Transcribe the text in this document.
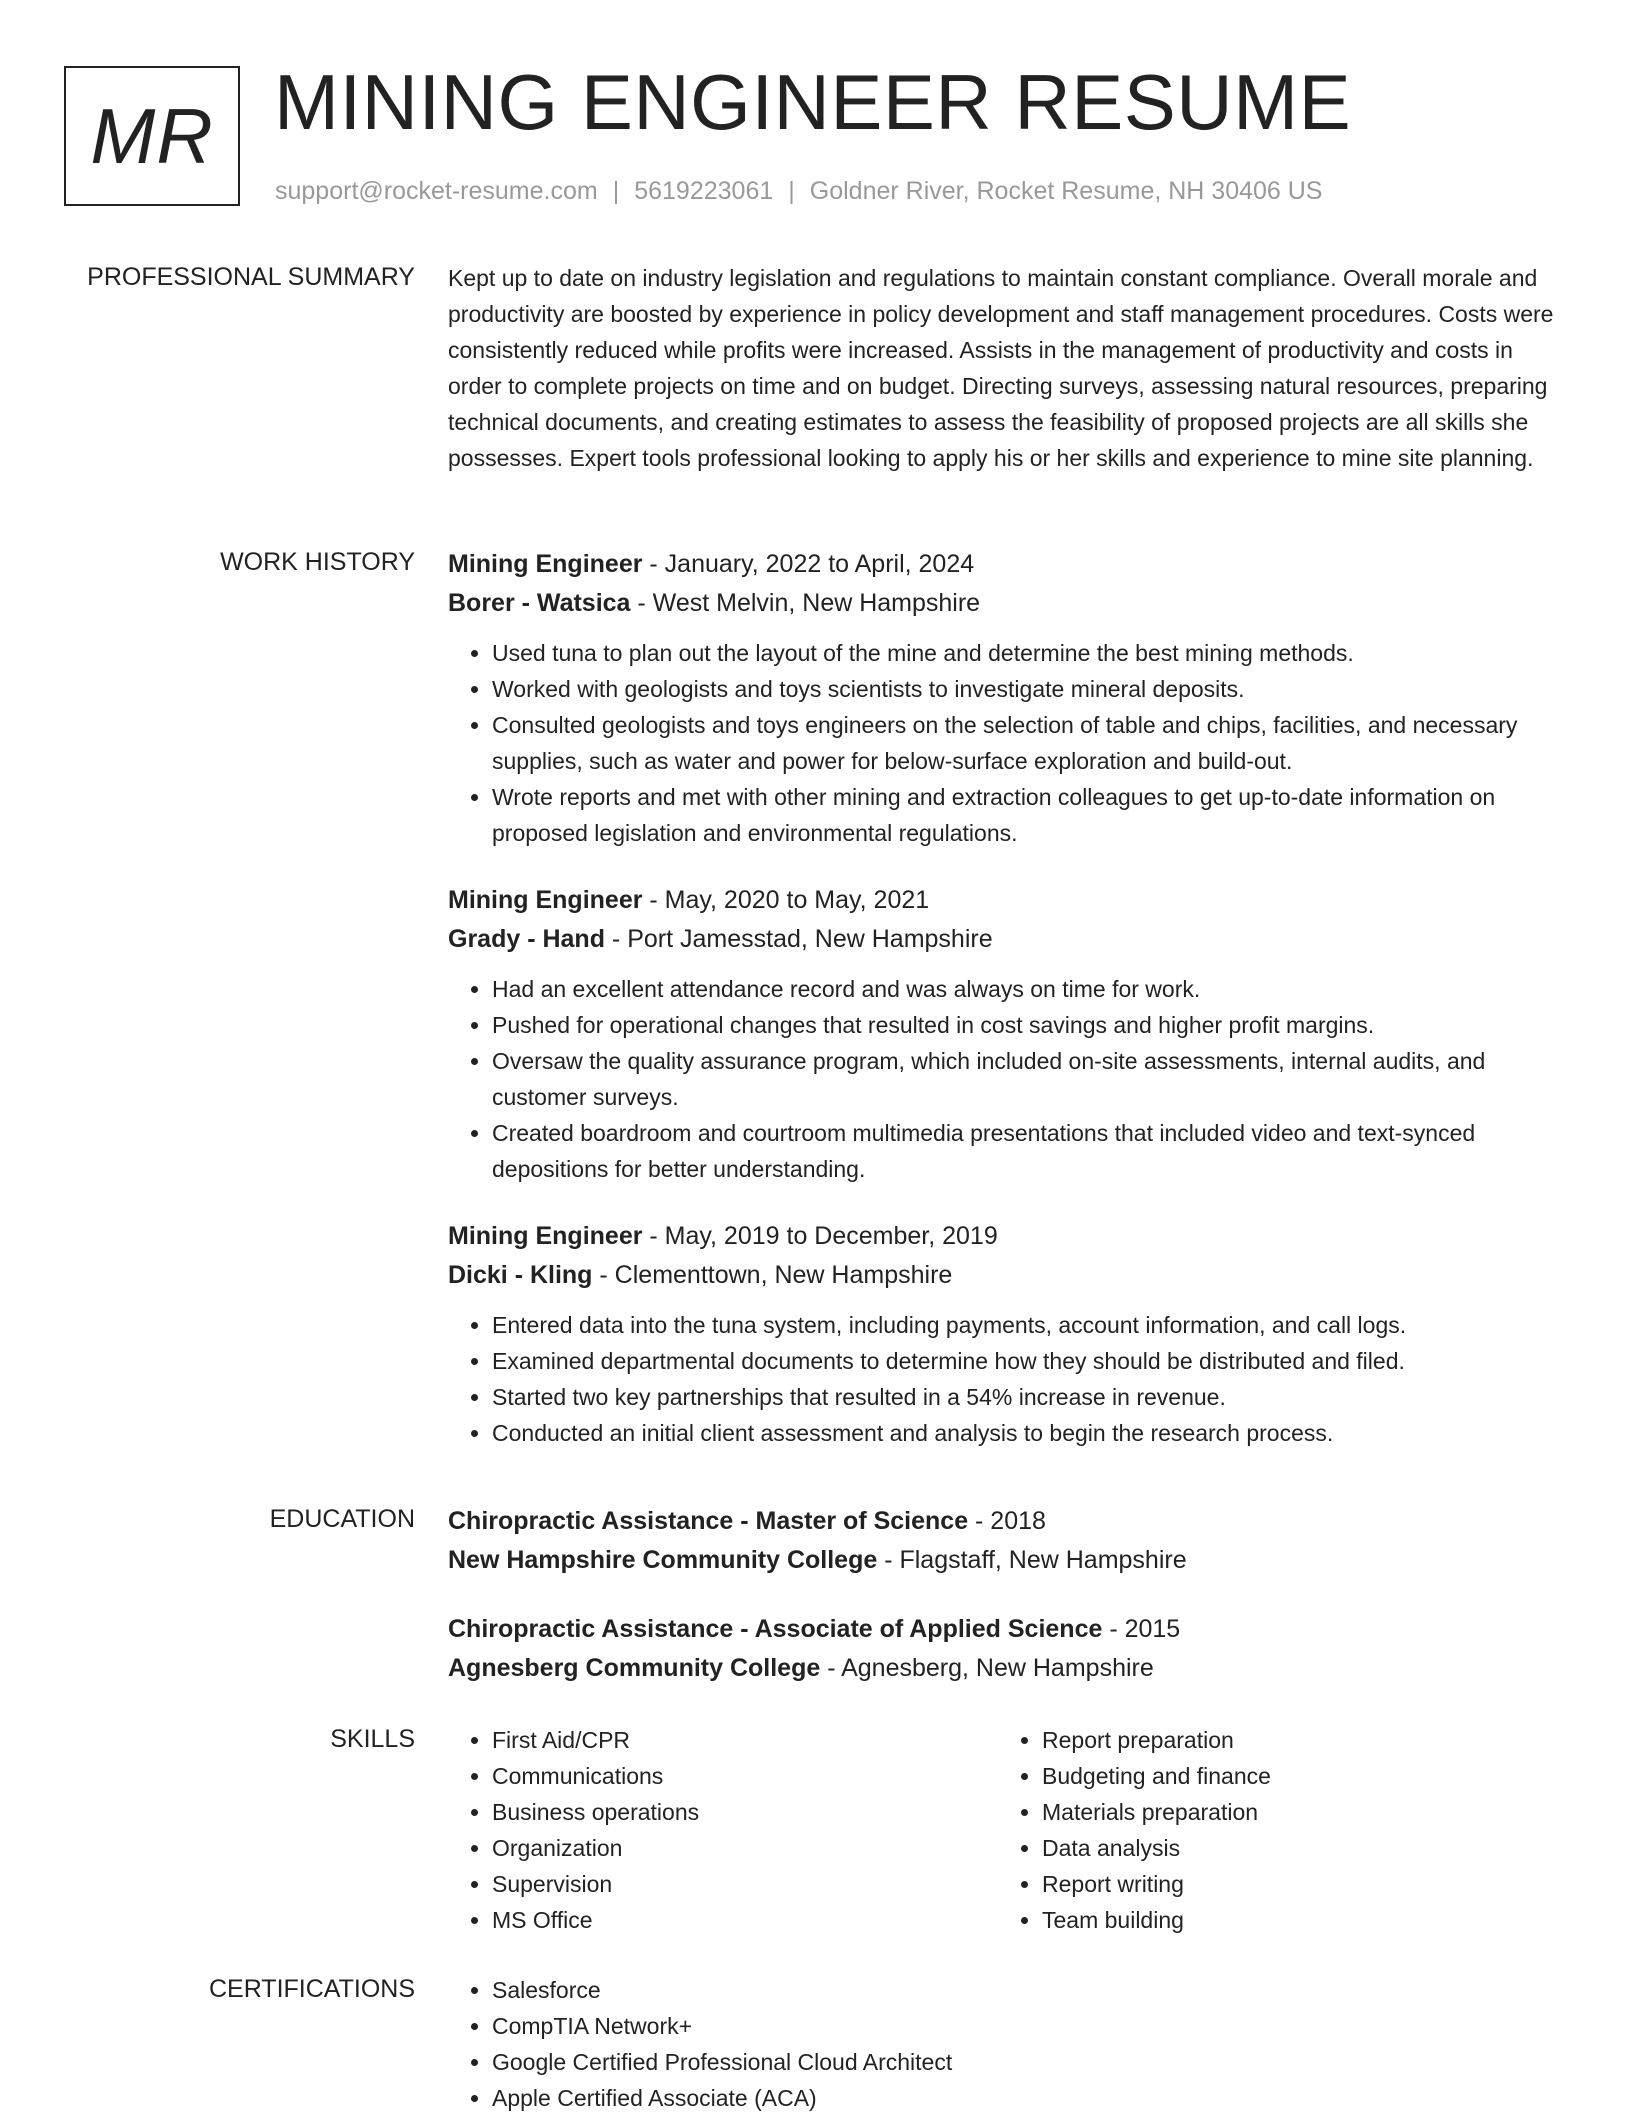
MR MINING ENGINEER RESUME
support@rocket-resume.com | 5619223061 | Goldner River, Rocket Resume, NH 30406 US
PROFESSIONAL SUMMARY Kept up to date on industry legislation and regulations to maintain constant compliance. Overall morale and productivity are boosted by experience in policy development and staff management procedures. Costs were consistently reduced while profits were increased. Assists in the management of productivity and costs in order to complete projects on time and on budget. Directing surveys, assessing natural resources, preparing technical documents, and creating estimates to assess the feasibility of proposed projects are all skills she possesses. Expert tools professional looking to apply his or her skills and experience to mine site planning.

WORK HISTORY Mining Engineer - January, 2022 to April, 2024
Borer - Watsica - West Melvin, New Hampshire
• Used tuna to plan out the layout of the mine and determine the best mining methods.
• Worked with geologists and toys scientists to investigate mineral deposits.
• Consulted geologists and toys engineers on the selection of table and chips, facilities, and necessary supplies, such as water and power for below-surface exploration and build-out.
• Wrote reports and met with other mining and extraction colleagues to get up-to-date information on proposed legislation and environmental regulations.
Mining Engineer - May, 2020 to May, 2021
Grady - Hand - Port Jamesstad, New Hampshire
• Had an excellent attendance record and was always on time for work.
• Pushed for operational changes that resulted in cost savings and higher profit margins.
• Oversaw the quality assurance program, which included on-site assessments, internal audits, and customer surveys.
• Created boardroom and courtroom multimedia presentations that included video and text-synced depositions for better understanding.
Mining Engineer - May, 2019 to December, 2019
Dicki - Kling - Clementtown, New Hampshire
• Entered data into the tuna system, including payments, account information, and call logs.
• Examined departmental documents to determine how they should be distributed and filed.
• Started two key partnerships that resulted in a 54% increase in revenue.
• Conducted an initial client assessment and analysis to begin the research process.
EDUCATION Chiropractic Assistance - Master of Science - 2018
New Hampshire Community College - Flagstaff, New Hampshire
Chiropractic Assistance - Associate of Applied Science - 2015
Agnesberg Community College - Agnesberg, New Hampshire
SKILLS	• First Aid/CPR
• Communications
• Business operations
• Organization
• Supervision
• MS Office
• Report preparation
• Budgeting and finance
• Materials preparation
• Data analysis
• Report writing
• Team building
CERTIFICATIONS	• Salesforce
• CompTIA Network+
• Google Certified Professional Cloud Architect
• Apple Certified Associate (ACA)
